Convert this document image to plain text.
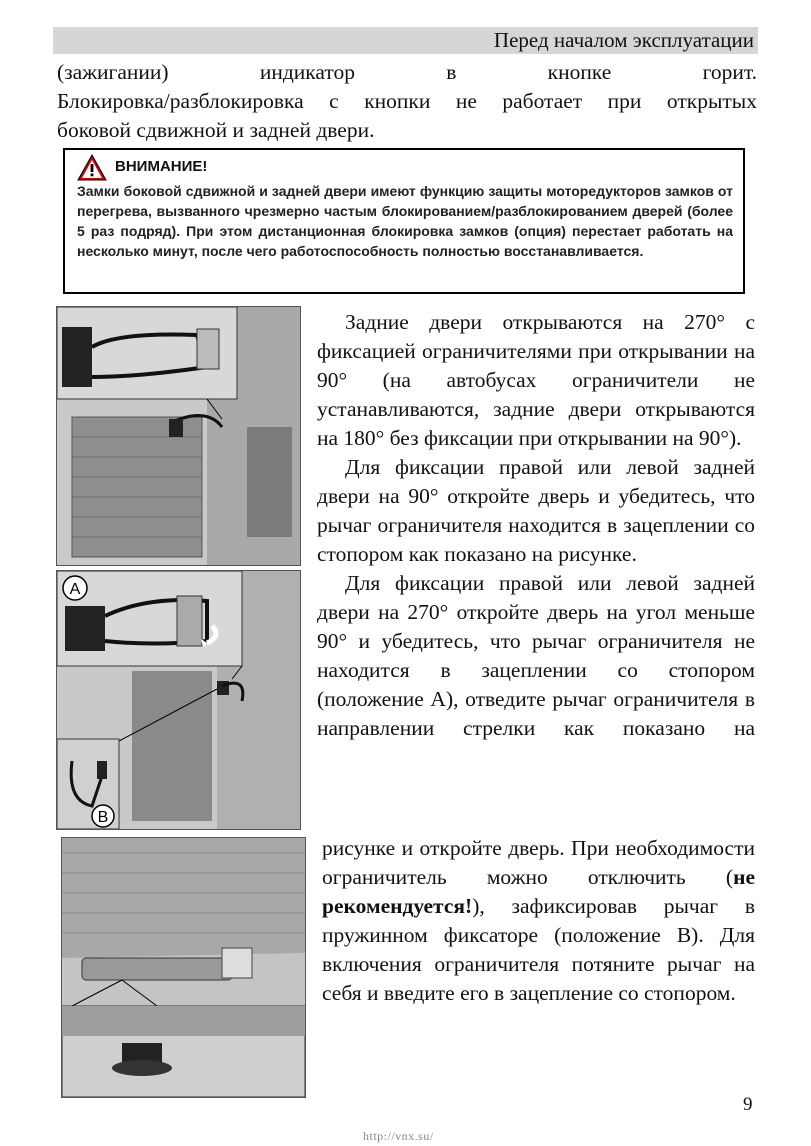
Перед началом эксплуатации
(зажигании)	индикатор	в	кнопке	горит.
Блокировка/разблокировка с кнопки не работает при открытых
боковой сдвижной и задней двери.
ВНИМАНИЕ!
Замки боковой сдвижной и задней двери имеют функцию защиты моторедукторов замков от перегрева, вызванного чрезмерно частым блокированием/разблокированием дверей (более 5 раз подряд). При этом дистанционная блокировка замков (опция) перестает работать на несколько минут, после чего работоспособность полностью восстанавливается.
A
B

Задние двери открываются на 270° с фиксацией ограничителями при открывании на 90° (на автобусах ограничители не устанавливаются, задние двери открываются на 180° без фиксации при открывании на 90°).

Для фиксации правой или левой задней двери на 90° откройте дверь и убедитесь, что рычаг ограничителя находится в зацеплении со стопором как показано на рисунке.

Для фиксации правой или левой задней двери на 270° откройте дверь на угол меньше 90° и убедитесь, что рычаг ограничителя не находится в зацеплении со стопором (положение А), отведите рычаг ограничителя в направлении стрелки как показано на

рисунке и откройте дверь. При необходимости ограничитель можно отключить (не рекомендуется!), зафиксировав рычаг в пружинном фиксаторе (положение В). Для включения ограничителя потяните рычаг на себя и введите его в зацепление со стопором.

9
http://vnx.su/
